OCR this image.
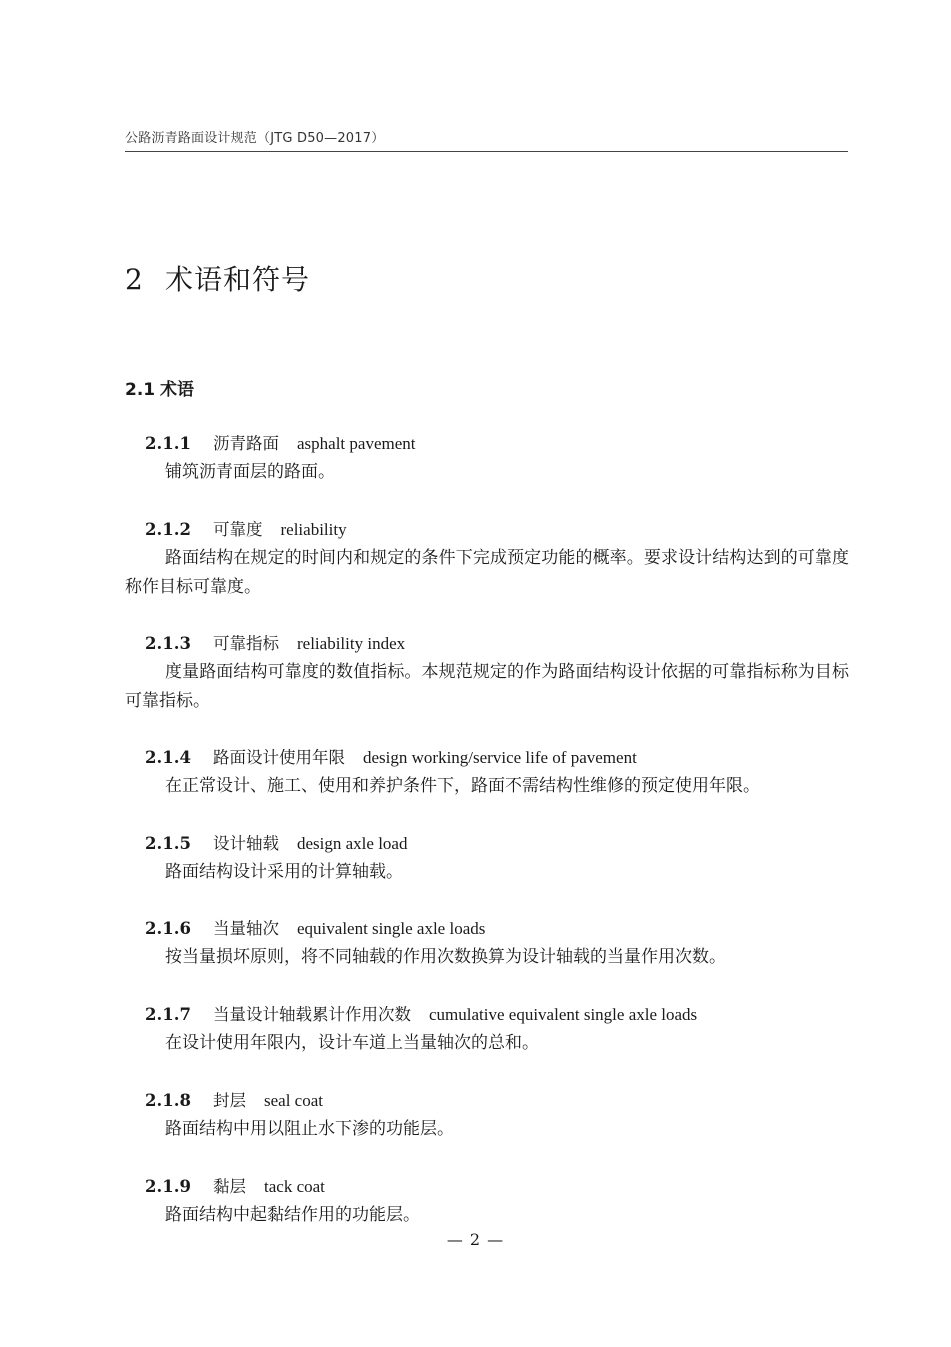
公路沥青路面设计规范（JTG D50—2017）
2 术语和符号
2.1 术语
2.1.1 沥青路面 asphalt pavement

铺筑沥青面层的路面。

2.1.2 可靠度 reliability

路面结构在规定的时间内和规定的条件下完成预定功能的概率。要求设计结构达到的可靠度称作目标可靠度。

2.1.3 可靠指标 reliability index

度量路面结构可靠度的数值指标。本规范规定的作为路面结构设计依据的可靠指标称为目标可靠指标。

2.1.4 路面设计使用年限 design working/service life of pavement

在正常设计、施工、使用和养护条件下，路面不需结构性维修的预定使用年限。

2.1.5 设计轴载 design axle load

路面结构设计采用的计算轴载。

2.1.6 当量轴次 equivalent single axle loads

按当量损坏原则，将不同轴载的作用次数换算为设计轴载的当量作用次数。

2.1.7 当量设计轴载累计作用次数 cumulative equivalent single axle loads

在设计使用年限内，设计车道上当量轴次的总和。

2.1.8 封层 seal coat

路面结构中用以阻止水下渗的功能层。

2.1.9 黏层 tack coat

路面结构中起黏结作用的功能层。

— 2 —
